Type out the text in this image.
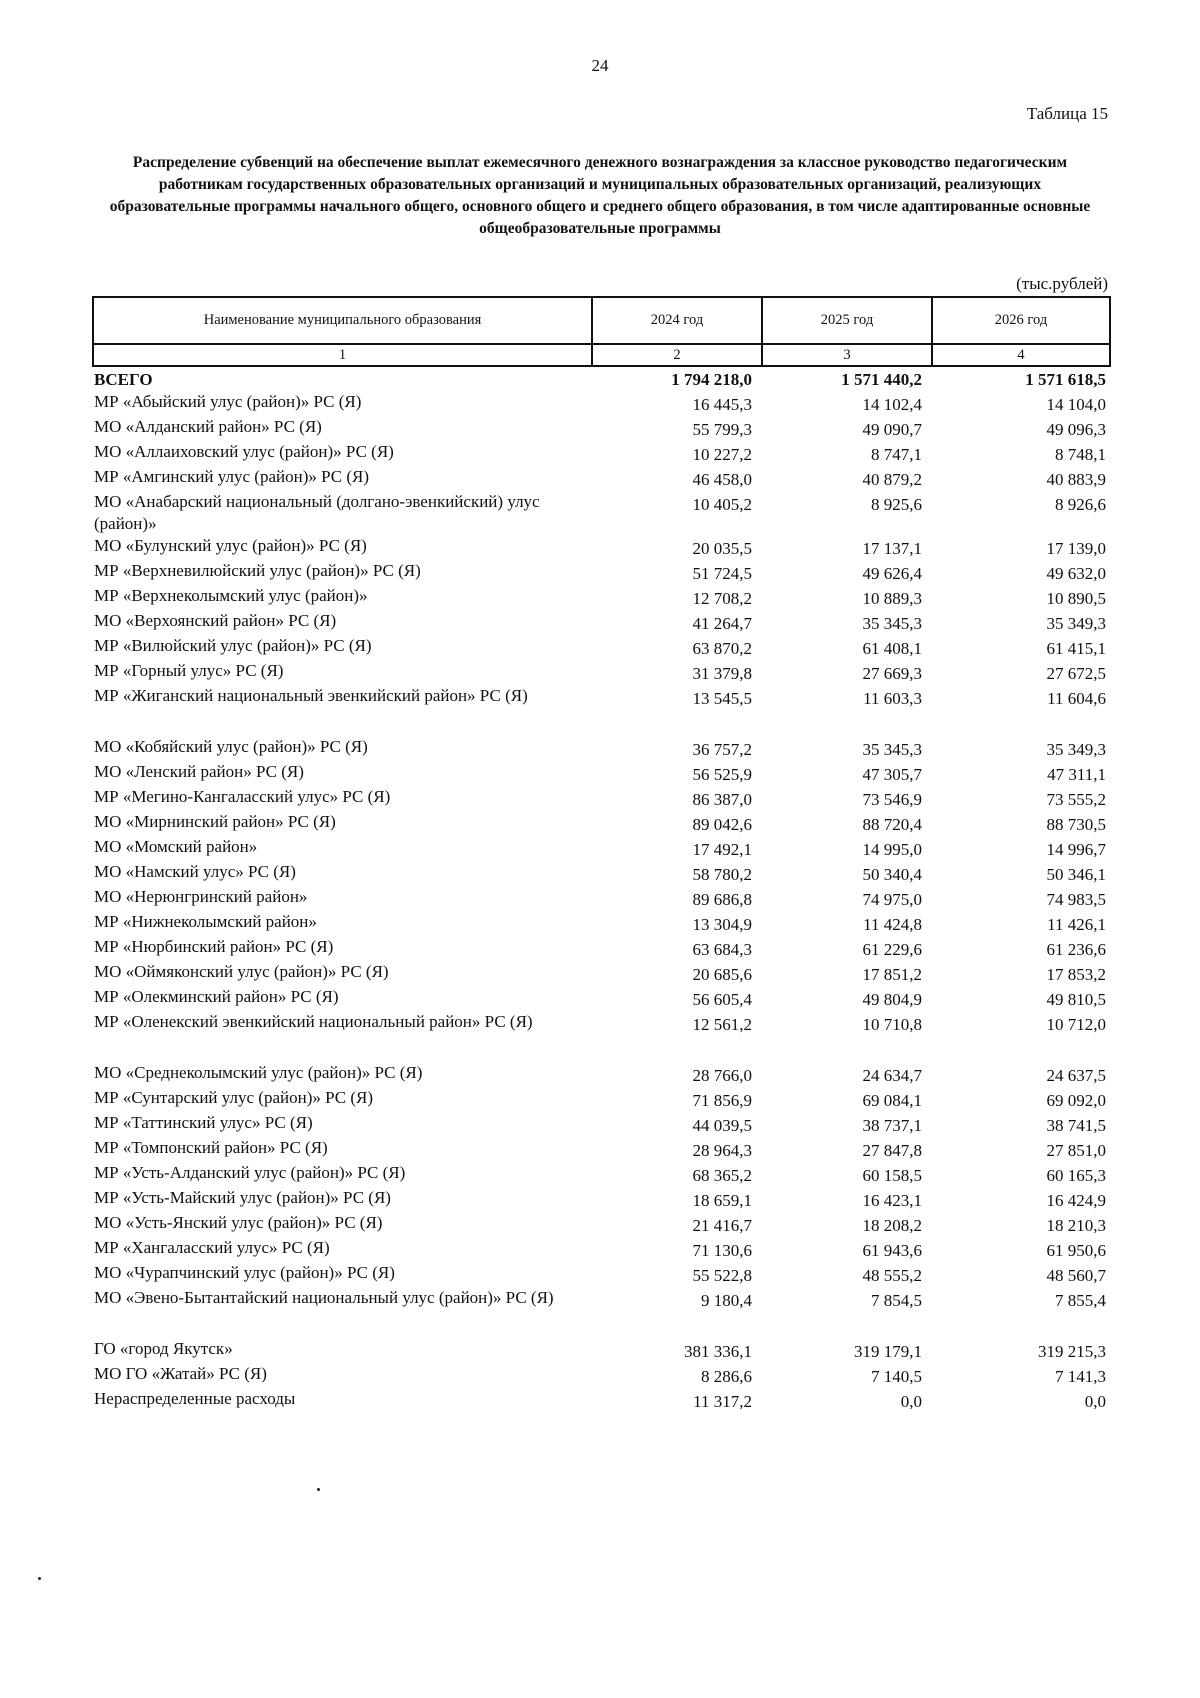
24
Таблица 15
Распределение субвенций на обеспечение выплат ежемесячного денежного вознаграждения за классное руководство педагогическим работникам государственных образовательных организаций и муниципальных образовательных организаций, реализующих образовательные программы начального общего, основного общего и среднего общего образования, в том числе адаптированные основные общеобразовательные программы
(тыс.рублей)
Наименование муниципального образования	2024 год	2025 год	2026 год
1	2	3	4
ВСЕГО	1 794 218,0	1 571 440,2	1 571 618,5
МР «Абыйский улус (район)» РС (Я)	16 445,3	14 102,4	14 104,0
МО «Алданский район» РС (Я)	55 799,3	49 090,7	49 096,3
МО «Аллаиховский улус (район)» РС (Я)	10 227,2	8 747,1	8 748,1
МР «Амгинский улус (район)» РС (Я)	46 458,0	40 879,2	40 883,9
МО «Анабарский национальный (долгано-эвенкийский) улус (район)»	10 405,2	8 925,6	8 926,6
МО «Булунский улус (район)» РС (Я)	20 035,5	17 137,1	17 139,0
МР «Верхневилюйский улус (район)» РС (Я)	51 724,5	49 626,4	49 632,0
МР «Верхнеколымский улус (район)»	12 708,2	10 889,3	10 890,5
МО «Верхоянский район» РС (Я)	41 264,7	35 345,3	35 349,3
МР «Вилюйский улус (район)» РС (Я)	63 870,2	61 408,1	61 415,1
МР «Горный улус» РС (Я)	31 379,8	27 669,3	27 672,5
МР «Жиганский национальный эвенкийский район» РС (Я)	13 545,5	11 603,3	11 604,6

МО «Кобяйский улус (район)» РС (Я)	36 757,2	35 345,3	35 349,3
МО «Ленский район» РС (Я)	56 525,9	47 305,7	47 311,1
МР «Мегино-Кангаласский улус» РС (Я)	86 387,0	73 546,9	73 555,2
МО «Мирнинский район» РС (Я)	89 042,6	88 720,4	88 730,5
МО «Момский район»	17 492,1	14 995,0	14 996,7
МО «Намский улус» РС (Я)	58 780,2	50 340,4	50 346,1
МО «Нерюнгринский район»	89 686,8	74 975,0	74 983,5
МР «Нижнеколымский район»	13 304,9	11 424,8	11 426,1
МР «Нюрбинский район» РС (Я)	63 684,3	61 229,6	61 236,6
МО «Оймяконский улус (район)» РС (Я)	20 685,6	17 851,2	17 853,2
МР «Олекминский район» РС (Я)	56 605,4	49 804,9	49 810,5
МР «Оленекский эвенкийский национальный район» РС (Я)	12 561,2	10 710,8	10 712,0

МО «Среднеколымский улус (район)» РС (Я)	28 766,0	24 634,7	24 637,5
МР «Сунтарский улус (район)» РС (Я)	71 856,9	69 084,1	69 092,0
МР «Таттинский улус» РС (Я)	44 039,5	38 737,1	38 741,5
МР «Томпонский район» РС (Я)	28 964,3	27 847,8	27 851,0
МР «Усть-Алданский улус (район)» РС (Я)	68 365,2	60 158,5	60 165,3
МР «Усть-Майский улус (район)» РС (Я)	18 659,1	16 423,1	16 424,9
МО «Усть-Янский улус (район)» РС (Я)	21 416,7	18 208,2	18 210,3
МР «Хангаласский улус» РС (Я)	71 130,6	61 943,6	61 950,6
МО «Чурапчинский улус (район)» РС (Я)	55 522,8	48 555,2	48 560,7
МО «Эвено-Бытантайский национальный улус (район)» РС (Я)	9 180,4	7 854,5	7 855,4

ГО «город Якутск»	381 336,1	319 179,1	319 215,3
МО ГО «Жатай» РС (Я)	8 286,6	7 140,5	7 141,3
Нераспределенные расходы	11 317,2	0,0	0,0
